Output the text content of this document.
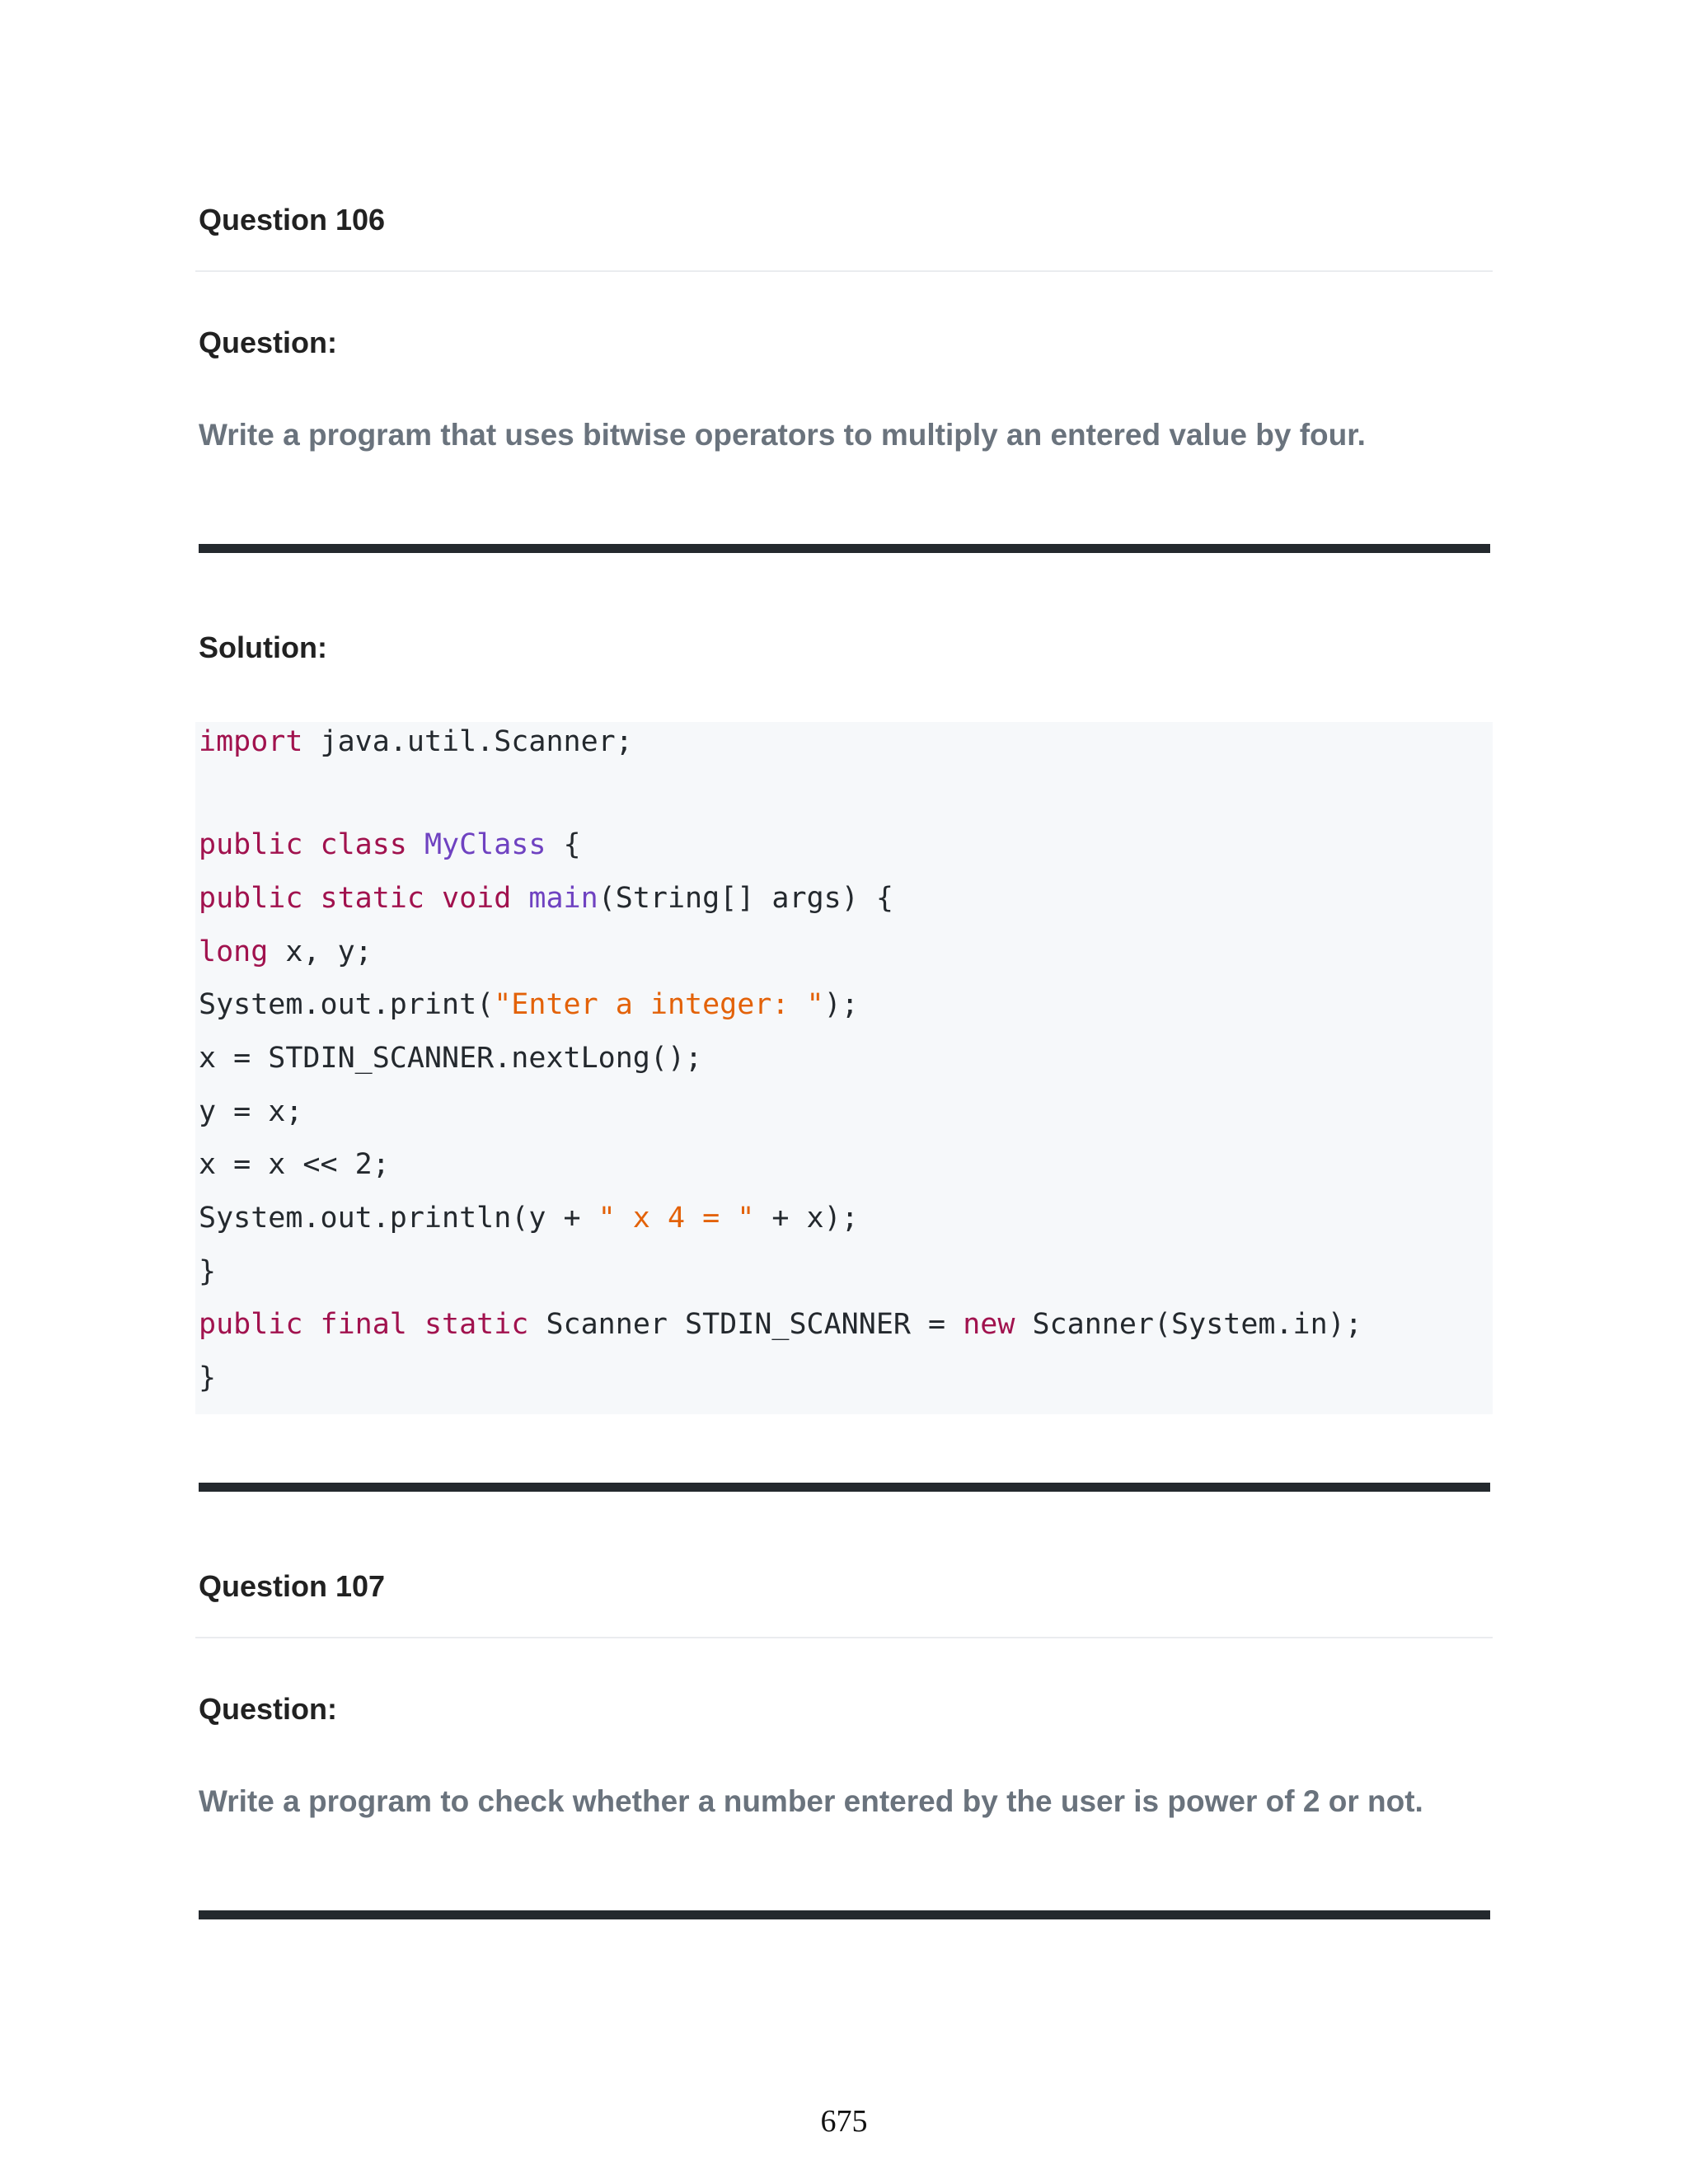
Question 106
Question:
Write a program that uses bitwise operators to multiply an entered value by four.
Solution:
import java.util.Scanner;
public class MyClass {
public static void main(String[] args) {
long x, y;
System.out.print("Enter a integer: ");
x = STDIN_SCANNER.nextLong();
y = x;
x = x << 2;
System.out.println(y + " x 4 = " + x);
}
public final static Scanner STDIN_SCANNER = new Scanner(System.in);
}
Question 107
Question:
Write a program to check whether a number entered by the user is power of 2 or not.
675
